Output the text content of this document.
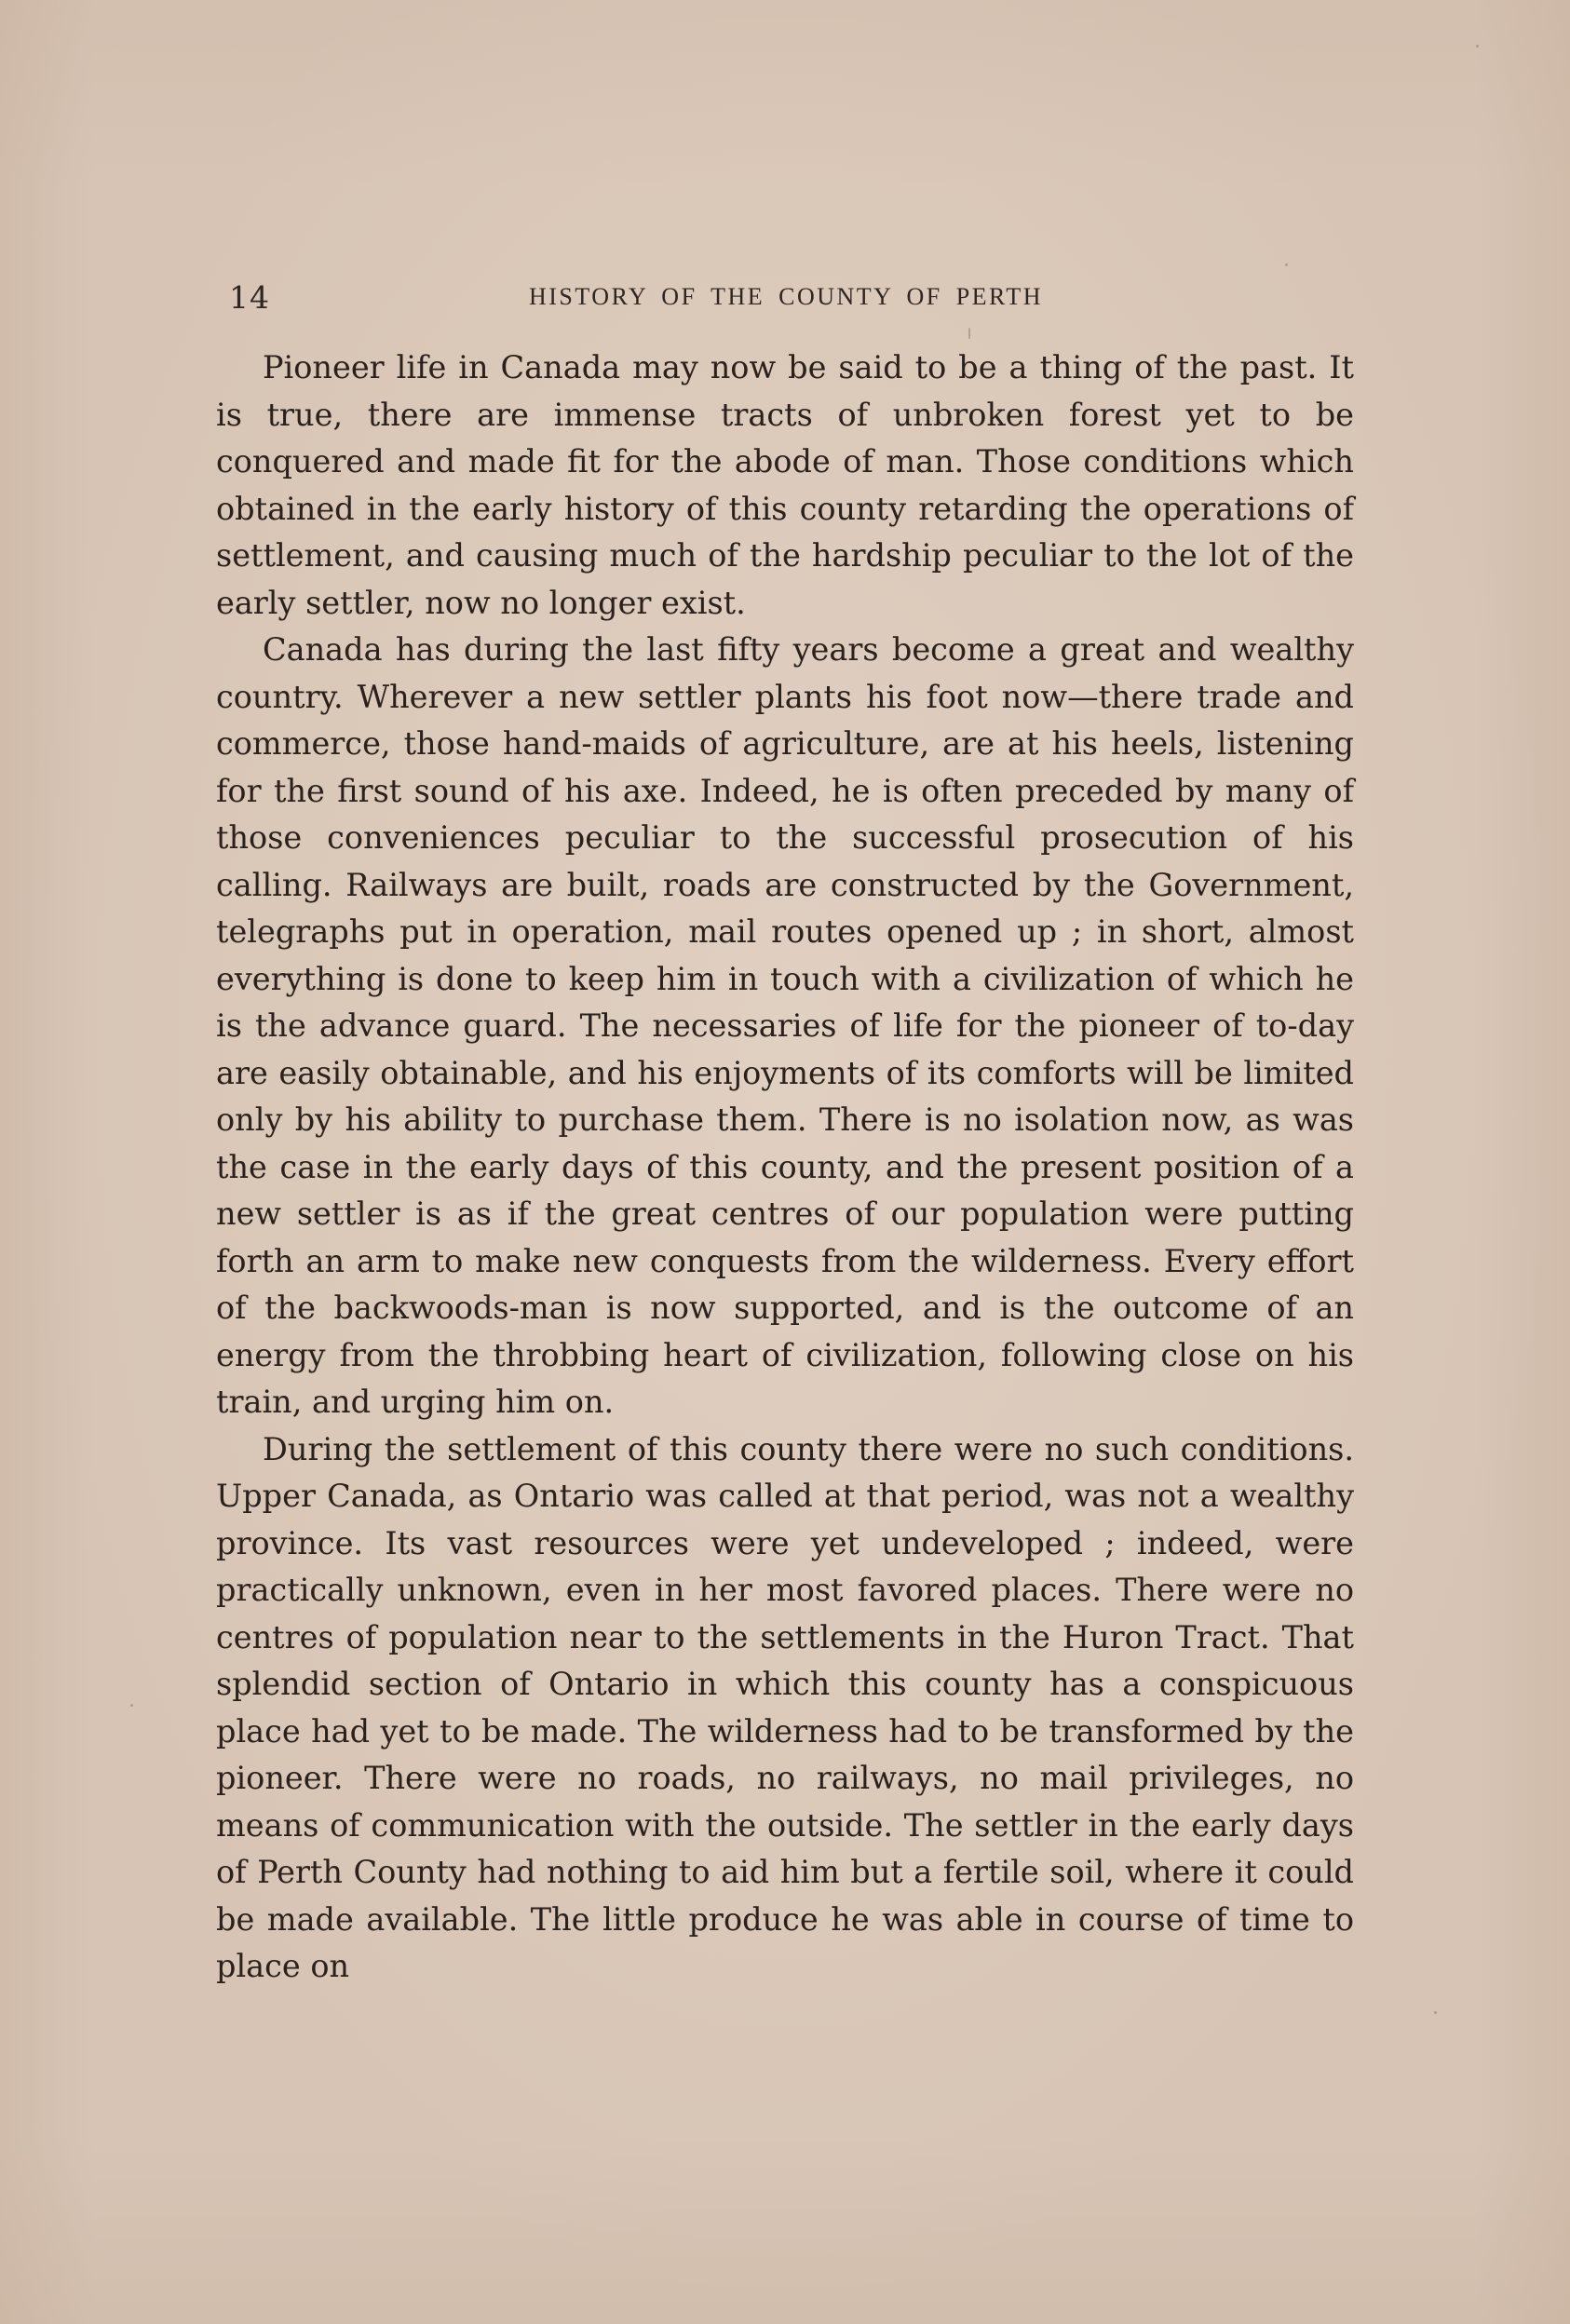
14	HISTORY OF THE COUNTY OF PERTH

Pioneer life in Canada may now be said to be a thing of the past. It is true, there are immense tracts of unbroken forest yet to be conquered and made fit for the abode of man. Those conditions which obtained in the early history of this county retarding the operations of settlement, and causing much of the hardship peculiar to the lot of the early settler, now no longer exist.

Canada has during the last fifty years become a great and wealthy country. Wherever a new settler plants his foot now—there trade and commerce, those hand-maids of agriculture, are at his heels, listening for the first sound of his axe. Indeed, he is often preceded by many of those conveniences peculiar to the successful prosecution of his calling. Railways are built, roads are constructed by the Government, telegraphs put in operation, mail routes opened up ; in short, almost everything is done to keep him in touch with a civilization of which he is the advance guard. The necessaries of life for the pioneer of to-day are easily obtainable, and his enjoyments of its comforts will be limited only by his ability to purchase them. There is no isolation now, as was the case in the early days of this county, and the present position of a new settler is as if the great centres of our population were putting forth an arm to make new conquests from the wilderness. Every effort of the backwoods-man is now supported, and is the outcome of an energy from the throbbing heart of civilization, following close on his train, and urging him on.

During the settlement of this county there were no such conditions. Upper Canada, as Ontario was called at that period, was not a wealthy province. Its vast resources were yet undeveloped ; indeed, were practically unknown, even in her most favored places. There were no centres of population near to the settlements in the Huron Tract. That splendid section of Ontario in which this county has a conspicuous place had yet to be made. The wilderness had to be transformed by the pioneer. There were no roads, no railways, no mail privileges, no means of communication with the outside. The settler in the early days of Perth County had nothing to aid him but a fertile soil, where it could be made available. The little produce he was able in course of time to place on
